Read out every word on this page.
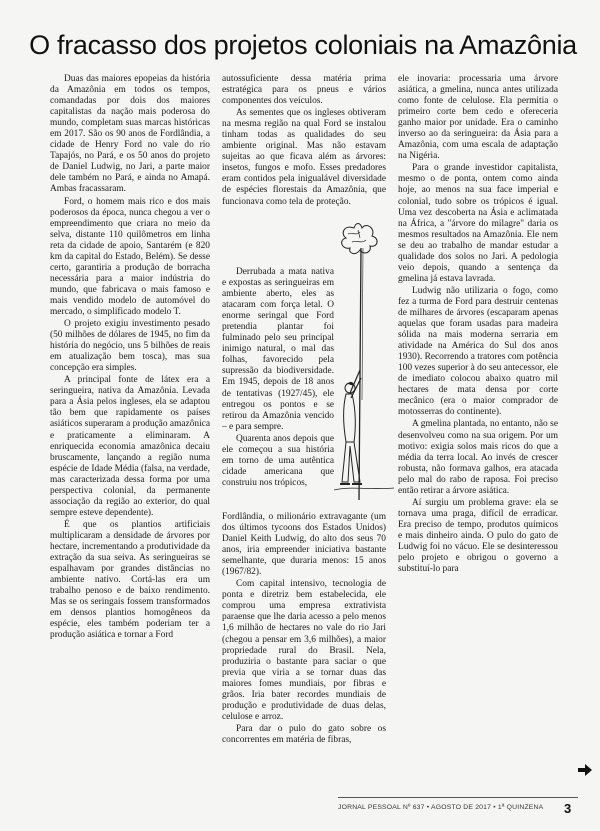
O fracasso dos projetos coloniais na Amazônia

Duas das maiores epopeias da história da Amazônia em todos os tempos, comandadas por dois dos maiores capitalistas da nação mais poderosa do mundo, completam suas marcas históricas em 2017. São os 90 anos de Fordlândia, a cidade de Henry Ford no vale do rio Tapajós, no Pará, e os 50 anos do projeto de Daniel Ludwig, no Jari, a parte maior dele também no Pará, e ainda no Amapá. Ambas fracassaram.

Ford, o homem mais rico e dos mais poderosos da época, nunca chegou a ver o empreendimento que criara no meio da selva, distante 110 quilômetros em linha reta da cidade de apoio, Santarém (e 820 km da capital do Estado, Belém). Se desse certo, garantiria a produção de borracha necessária para a maior indústria do mundo, que fabricava o mais famoso e mais vendido modelo de automóvel do mercado, o simplificado modelo T.

O projeto exigiu investimento pesado (50 milhões de dólares de 1945, no fim da história do negócio, uns 5 bilhões de reais em atualização bem tosca), mas sua concepção era simples.

A principal fonte de látex era a seringueira, nativa da Amazônia. Levada para a Ásia pelos ingleses, ela se adaptou tão bem que rapidamente os países asiáticos superaram a produção amazônica e praticamente a eliminaram. A enriquecida economia amazônica decaiu bruscamente, lançando a região numa espécie de Idade Média (falsa, na verdade, mas caracterizada dessa forma por uma perspectiva colonial, da permanente associação da região ao exterior, do qual sempre esteve dependente).

É que os plantios artificiais multiplicaram a densidade de árvores por hectare, incrementando a produtividade da extração da sua seiva. As seringueiras se espalhavam por grandes distâncias no ambiente nativo. Cortá-las era um trabalho penoso e de baixo rendimento. Mas se os seringais fossem transformados em densos plantios homogêneos da espécie, eles também poderiam ter a produção asiática e tornar a Ford

autossuficiente dessa matéria prima estratégica para os pneus e vários componentes dos veículos.

As sementes que os ingleses obtiveram na mesma região na qual Ford se instalou tinham todas as qualidades do seu ambiente original. Mas não estavam sujeitas ao que ficava além as árvores: insetos, fungos e mofo. Esses predadores eram contidos pela inigualável diversidade de espécies florestais da Amazônia, que funcionava como tela de proteção.

Derrubada a mata nativa e expostas as seringueiras em ambiente aberto, eles as atacaram com força letal. O enorme seringal que Ford pretendia plantar foi fulminado pelo seu principal inimigo natural, o mal das folhas, favorecido pela supressão da biodiversidade. Em 1945, depois de 18 anos de tentativas (1927/45), ele entregou os pontos e se retirou da Amazônia vencido – e para sempre.

Quarenta anos depois que ele começou a sua história em torno de uma autêntica cidade americana que construiu nos trópicos,

Fordlândia, o milionário extravagante (um dos últimos tycoons dos Estados Unidos) Daniel Keith Ludwig, do alto dos seus 70 anos, iria empreender iniciativa bastante semelhante, que duraria menos: 15 anos (1967/82).

Com capital intensivo, tecnologia de ponta e diretriz bem estabelecida, ele comprou uma empresa extrativista paraense que lhe daria acesso a pelo menos 1,6 milhão de hectares no vale do rio Jari (chegou a pensar em 3,6 milhões), a maior propriedade rural do Brasil. Nela, produziria o bastante para saciar o que previa que viria a se tornar duas das maiores fomes mundiais, por fibras e grãos. Iria bater recordes mundiais de produção e produtividade de duas delas, celulose e arroz.

Para dar o pulo do gato sobre os concorrentes em matéria de fibras,

ele inovaria: processaria uma árvore asiática, a gmelina, nunca antes utilizada como fonte de celulose. Ela permitia o primeiro corte bem cedo e ofereceria ganho maior por unidade. Era o caminho inverso ao da seringueira: da Ásia para a Amazônia, com uma escala de adaptação na Nigéria.

Para o grande investidor capitalista, mesmo o de ponta, ontem como ainda hoje, ao menos na sua face imperial e colonial, tudo sobre os trópicos é igual. Uma vez descoberta na Ásia e aclimatada na África, a "árvore do milagre" daria os mesmos resultados na Amazônia. Ele nem se deu ao trabalho de mandar estudar a qualidade dos solos no Jari. A pedologia veio depois, quando a sentença da gmelina já estava lavrada.

Ludwig não utilizaria o fogo, como fez a turma de Ford para destruir centenas de milhares de árvores (escaparam apenas aquelas que foram usadas para madeira sólida na mais moderna serraria em atividade na América do Sul dos anos 1930). Recorrendo a tratores com potência 100 vezes superior à do seu antecessor, ele de imediato colocou abaixo quatro mil hectares de mata densa por corte mecânico (era o maior comprador de motosserras do continente).

A gmelina plantada, no entanto, não se desenvolveu como na sua origem. Por um motivo: exigia solos mais ricos do que a média da terra local. Ao invés de crescer robusta, não formava galhos, era atacada pelo mal do rabo de raposa. Foi preciso então retirar a árvore asiática.

Aí surgiu um problema grave: ela se tornava uma praga, difícil de erradicar. Era preciso de tempo, produtos químicos e mais dinheiro ainda. O pulo do gato de Ludwig foi no vácuo. Ele se desinteressou pelo projeto e obrigou o governo a substituí-lo para

JORNAL PESSOAL Nº 637 • AGOSTO DE 2017 • 1ª QUINZENA	3
